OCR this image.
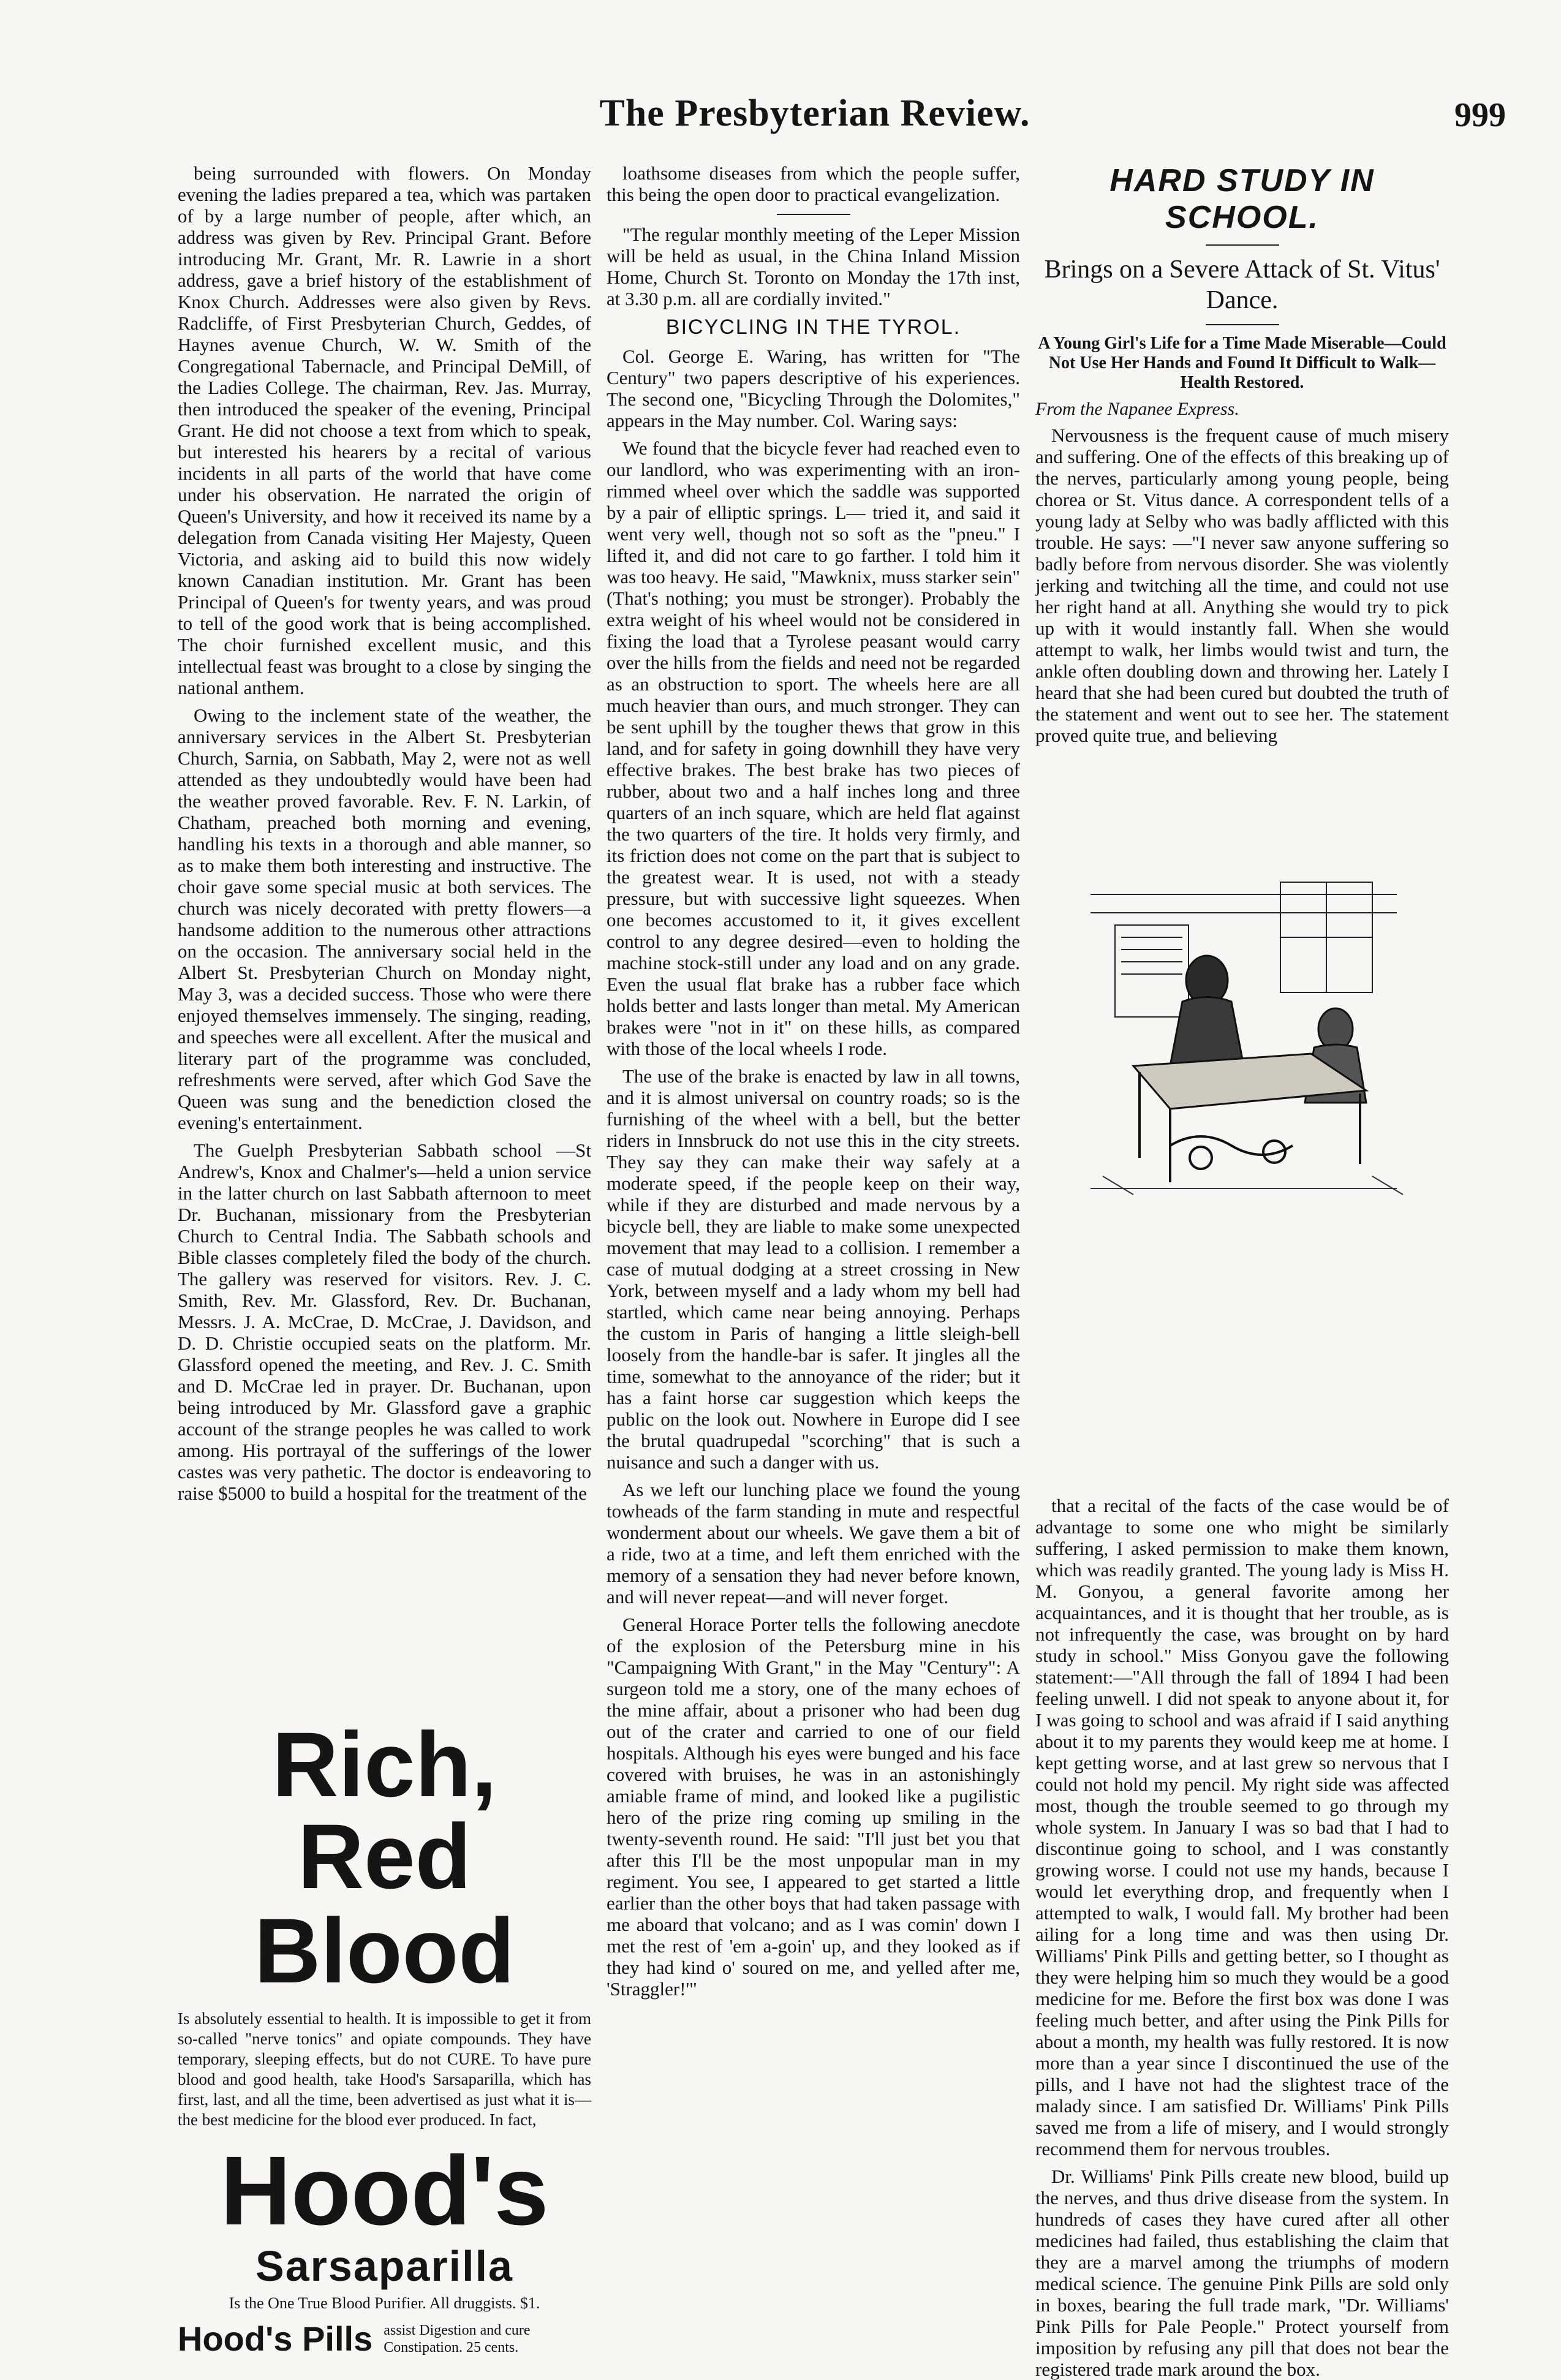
The Presbyterian Review.	999

being surrounded with flowers. On Monday evening the ladies prepared a tea, which was partaken of by a large number of people, after which, an address was given by Rev. Principal Grant. Before introducing Mr. Grant, Mr. R. Lawrie in a short address, gave a brief history of the establishment of Knox Church. Addresses were also given by Revs. Radcliffe, of First Presbyterian Church, Geddes, of Haynes avenue Church, W. W. Smith of the Congregational Tabernacle, and Principal DeMill, of the Ladies College. The chairman, Rev. Jas. Murray, then introduced the speaker of the evening, Principal Grant. He did not choose a text from which to speak, but interested his hearers by a recital of various incidents in all parts of the world that have come under his observation. He narrated the origin of Queen's University, and how it received its name by a delegation from Canada visiting Her Majesty, Queen Victoria, and asking aid to build this now widely known Canadian institution. Mr. Grant has been Principal of Queen's for twenty years, and was proud to tell of the good work that is being accomplished. The choir furnished excellent music, and this intellectual feast was brought to a close by singing the national anthem.

Owing to the inclement state of the weather, the anniversary services in the Albert St. Presbyterian Church, Sarnia, on Sabbath, May 2, were not as well attended as they undoubtedly would have been had the weather proved favorable. Rev. F. N. Larkin, of Chatham, preached both morning and evening, handling his texts in a thorough and able manner, so as to make them both interesting and instructive. The choir gave some special music at both services. The church was nicely decorated with pretty flowers—a handsome addition to the numerous other attractions on the occasion. The anniversary social held in the Albert St. Presbyterian Church on Monday night, May 3, was a decided success. Those who were there enjoyed themselves immensely. The singing, reading, and speeches were all excellent. After the musical and literary part of the programme was concluded, refreshments were served, after which God Save the Queen was sung and the benediction closed the evening's entertainment.

The Guelph Presbyterian Sabbath school —St Andrew's, Knox and Chalmer's—held a union service in the latter church on last Sabbath afternoon to meet Dr. Buchanan, missionary from the Presbyterian Church to Central India. The Sabbath schools and Bible classes completely filed the body of the church. The gallery was reserved for visitors. Rev. J. C. Smith, Rev. Mr. Glassford, Rev. Dr. Buchanan, Messrs. J. A. McCrae, D. McCrae, J. Davidson, and D. D. Christie occupied seats on the platform. Mr. Glassford opened the meeting, and Rev. J. C. Smith and D. McCrae led in prayer. Dr. Buchanan, upon being introduced by Mr. Glassford gave a graphic account of the strange peoples he was called to work among. His portrayal of the sufferings of the lower castes was very pathetic. The doctor is endeavoring to raise $5000 to build a hospital for the treatment of the

Rich, Red
Blood
Is absolutely essential to health. It is impossible to get it from so-called "nerve tonics" and opiate compounds. They have temporary, sleeping effects, but do not CURE. To have pure blood and good health, take Hood's Sarsaparilla, which has first, last, and all the time, been advertised as just what it is—the best medicine for the blood ever produced. In fact,
Hood's
Sarsaparilla
Is the One True Blood Purifier. All druggists. $1.
Hood's Pills assist Digestion and cure
Constipation. 25 cents.

loathsome diseases from which the people suffer, this being the open door to practical evangelization.

"The regular monthly meeting of the Leper Mission will be held as usual, in the China Inland Mission Home, Church St. Toronto on Monday the 17th inst, at 3.30 p.m. all are cordially invited."

BICYCLING IN THE TYROL.

Col. George E. Waring, has written for "The Century" two papers descriptive of his experiences. The second one, "Bicycling Through the Dolomites," appears in the May number. Col. Waring says:

We found that the bicycle fever had reached even to our landlord, who was experimenting with an iron-rimmed wheel over which the saddle was supported by a pair of elliptic springs. L— tried it, and said it went very well, though not so soft as the "pneu." I lifted it, and did not care to go farther. I told him it was too heavy. He said, "Mawknix, muss starker sein" (That's nothing; you must be stronger). Probably the extra weight of his wheel would not be considered in fixing the load that a Tyrolese peasant would carry over the hills from the fields and need not be regarded as an obstruction to sport. The wheels here are all much heavier than ours, and much stronger. They can be sent uphill by the tougher thews that grow in this land, and for safety in going downhill they have very effective brakes. The best brake has two pieces of rubber, about two and a half inches long and three quarters of an inch square, which are held flat against the two quarters of the tire. It holds very firmly, and its friction does not come on the part that is subject to the greatest wear. It is used, not with a steady pressure, but with successive light squeezes. When one becomes accustomed to it, it gives excellent control to any degree desired—even to holding the machine stock-still under any load and on any grade. Even the usual flat brake has a rubber face which holds better and lasts longer than metal. My American brakes were "not in it" on these hills, as compared with those of the local wheels I rode.

The use of the brake is enacted by law in all towns, and it is almost universal on country roads; so is the furnishing of the wheel with a bell, but the better riders in Innsbruck do not use this in the city streets. They say they can make their way safely at a moderate speed, if the people keep on their way, while if they are disturbed and made nervous by a bicycle bell, they are liable to make some unexpected movement that may lead to a collision. I remember a case of mutual dodging at a street crossing in New York, between myself and a lady whom my bell had startled, which came near being annoying. Perhaps the custom in Paris of hanging a little sleigh-bell loosely from the handle-bar is safer. It jingles all the time, somewhat to the annoyance of the rider; but it has a faint horse car suggestion which keeps the public on the look out. Nowhere in Europe did I see the brutal quadrupedal "scorching" that is such a nuisance and such a danger with us.

As we left our lunching place we found the young towheads of the farm standing in mute and respectful wonderment about our wheels. We gave them a bit of a ride, two at a time, and left them enriched with the memory of a sensation they had never before known, and will never repeat—and will never forget.

General Horace Porter tells the following anecdote of the explosion of the Petersburg mine in his "Campaigning With Grant," in the May "Century": A surgeon told me a story, one of the many echoes of the mine affair, about a prisoner who had been dug out of the crater and carried to one of our field hospitals. Although his eyes were bunged and his face covered with bruises, he was in an astonishingly amiable frame of mind, and looked like a pugilistic hero of the prize ring coming up smiling in the twenty-seventh round. He said: "I'll just bet you that after this I'll be the most unpopular man in my regiment. You see, I appeared to get started a little earlier than the other boys that had taken passage with me aboard that volcano; and as I was comin' down I met the rest of 'em a-goin' up, and they looked as if they had kind o' soured on me, and yelled after me, 'Straggler!'"

HARD STUDY IN SCHOOL.
Brings on a Severe Attack of St. Vitus' Dance.
A Young Girl's Life for a Time Made Miserable—Could Not Use Her Hands and Found It Difficult to Walk—Health Restored.
From the Napanee Express.

Nervousness is the frequent cause of much misery and suffering. One of the effects of this breaking up of the nerves, particularly among young people, being chorea or St. Vitus dance. A correspondent tells of a young lady at Selby who was badly afflicted with this trouble. He says: —"I never saw anyone suffering so badly before from nervous disorder. She was violently jerking and twitching all the time, and could not use her right hand at all. Anything she would try to pick up with it would instantly fall. When she would attempt to walk, her limbs would twist and turn, the ankle often doubling down and throwing her. Lately I heard that she had been cured but doubted the truth of the statement and went out to see her. The statement proved quite true, and believing

that a recital of the facts of the case would be of advantage to some one who might be similarly suffering, I asked permission to make them known, which was readily granted. The young lady is Miss H. M. Gonyou, a general favorite among her acquaintances, and it is thought that her trouble, as is not infrequently the case, was brought on by hard study in school." Miss Gonyou gave the following statement:—"All through the fall of 1894 I had been feeling unwell. I did not speak to anyone about it, for I was going to school and was afraid if I said anything about it to my parents they would keep me at home. I kept getting worse, and at last grew so nervous that I could not hold my pencil. My right side was affected most, though the trouble seemed to go through my whole system. In January I was so bad that I had to discontinue going to school, and I was constantly growing worse. I could not use my hands, because I would let everything drop, and frequently when I attempted to walk, I would fall. My brother had been ailing for a long time and was then using Dr. Williams' Pink Pills and getting better, so I thought as they were helping him so much they would be a good medicine for me. Before the first box was done I was feeling much better, and after using the Pink Pills for about a month, my health was fully restored. It is now more than a year since I discontinued the use of the pills, and I have not had the slightest trace of the malady since. I am satisfied Dr. Williams' Pink Pills saved me from a life of misery, and I would strongly recommend them for nervous troubles.

Dr. Williams' Pink Pills create new blood, build up the nerves, and thus drive disease from the system. In hundreds of cases they have cured after all other medicines had failed, thus establishing the claim that they are a marvel among the triumphs of modern medical science. The genuine Pink Pills are sold only in boxes, bearing the full trade mark, "Dr. Williams' Pink Pills for Pale People." Protect yourself from imposition by refusing any pill that does not bear the registered trade mark around the box.
